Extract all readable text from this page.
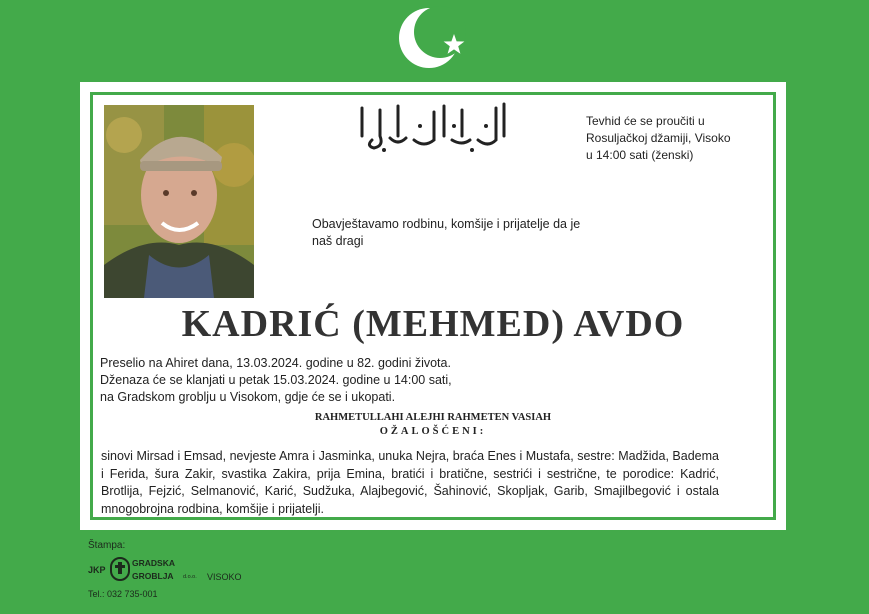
Tevhid će se proučiti u
Rosuljačkoj džamiji, Visoko
u 14:00 sati (ženski)
Obavještavamo rodbinu, komšije i prijatelje da je
naš dragi
KADRIĆ (MEHMED) AVDO
Preselio na Ahiret dana, 13.03.2024. godine u 82. godini života.
Dženaza će se klanjati u petak 15.03.2024. godine u 14:00 sati,
na Gradskom groblju u Visokom, gdje će se i ukopati.
RAHMETULLAHI ALEJHI RAHMETEN VASIAH
OŽALOŠĆENI:
sinovi Mirsad i Emsad, nevjeste Amra i Jasminka, unuka Nejra, braća Enes i Mustafa, sestre: Madžida, Badema i Ferida, šura Zakir, svastika Zakira, prija Emina, bratići i bratične, sestrići i sestrične, te porodice: Kadrić, Brotlija, Fejzić, Selmanović, Karić, Sudžuka, Alajbegović, Šahinović, Skopljak, Garib, Smajilbegović i ostala mnogobrojna rodbina, komšije i prijatelji.
Štampa:
JKP
GRADSKA
GROBLJA d.o.o. VISOKO
Tel.: 032 735-001
